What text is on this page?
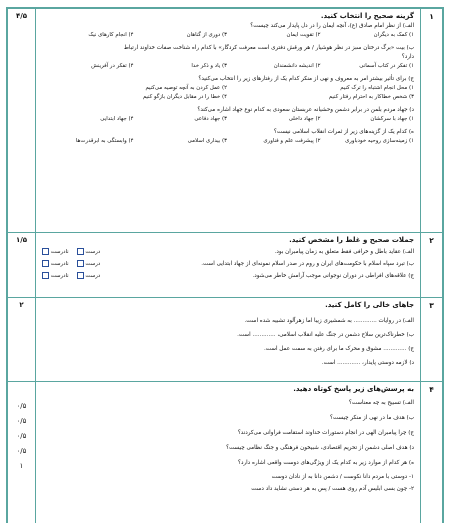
۱
گزینه صحیح را انتخاب کنید.
الف) از نظر امام صادق (ع)، آنچه ایمان را در دل پایدار می‌کند چیست؟
۱) کمک به دیگران
۲) تقویت ایمان
۳) دوری از گناهان
۴) انجام کارهای نیک
ب) بیت «برگ درختان سبز در نظر هوشیار / هر ورقش دفتری است معرفت کردگار» با کدام راه شناخت صفات خداوند ارتباط
دارد؟
۱) تفکر در کتاب آسمانی
۲) اندیشه دانشمندان
۳) یاد و ذکر خدا
۴) تفکر در آفرینش
ج) برای تأثیر بیشتر امر به معروف و نهی از منکر کدام یک از رفتارهای زیر را انتخاب می‌کنید؟
۱) محل انجام اشتباه را ترک کنیم
۲) عمل کردن به آنچه توصیه می‌کنیم
۳) شخص خطاکار به احترام رفتار کنیم
۴) خطا را در مقابل دیگران بازگو کنیم
د) جهاد مردم بلمن در برابر دشمن وحشیانه عربستان سعودی به کدام نوع جهاد اشاره می‌کند؟
۱) جهاد با سرکشان
۲) جهاد داخلی
۳) جهاد دفاعی
۴) جهاد ابتدایی
ه) کدام یک از گزینه‌های زیر از ثمرات انقلاب اسلامی نیست؟
۱) زمینه‌سازی روحیه خودباوری
۲) پیشرفت علم و فناوری
۳) بیداری اسلامی
۴) وابستگی به ابرقدرت‌ها
۴/۵
۲
جملات صحیح و غلط را مشخص کنید.
الف) عقاید باطل و خرافی فقط متعلق به زمان پیامبران بود.
درست
نادرست
ب) تبرد سپاه اسلام با حکومت‌های ایران و روم در صدر اسلام نمونه‌ای از جهاد ابتدایی است.
درست
نادرست
ج) علاقه‌های افراطی در دوران نوجوانی موجب آرامش خاطر می‌شود.
درست
نادرست
۱/۵
۳
جاهای خالی را کامل کنید.
الف) در روایات ............. به شمشیری زیبا اما زهرآلود تشبیه شده است.
ب) خطرناک‌ترین سلاح دشمن در جنگ علیه انقلاب اسلامی، ............. است.
ج) ............. مشوق و محرک ما برای رفتن به سمت عمل است.
د) لازمه دوستی پایدار، ............. است.
۲
۴
به پرسش‌های زیر پاسخ کوتاه دهید.
الف) تسبیح به چه معناست؟
ب) هدف ما در نهی از منکر چیست؟
ج) چرا پیامبران الهی در انجام دستورات خداوند استقامت فراوانی می‌کردند؟
د) هدف اصلی دشمن از تحریم اقتصادی، شبیخون فرهنگی و جنگ نظامی چیست؟
ه) هر کدام از موارد زیر به کدام یک از ویژگی‌های دوست واقعی اشاره دارد؟
۱- دوستی با مردم دانا نکوست / دشمن دانا به از نادان دوست
۲- چون بسی ابلیس آدم روی هست / پس به هر دستی نشاید داد دست
۰/۵
۰/۵
۰/۵
۰/۵
۱
